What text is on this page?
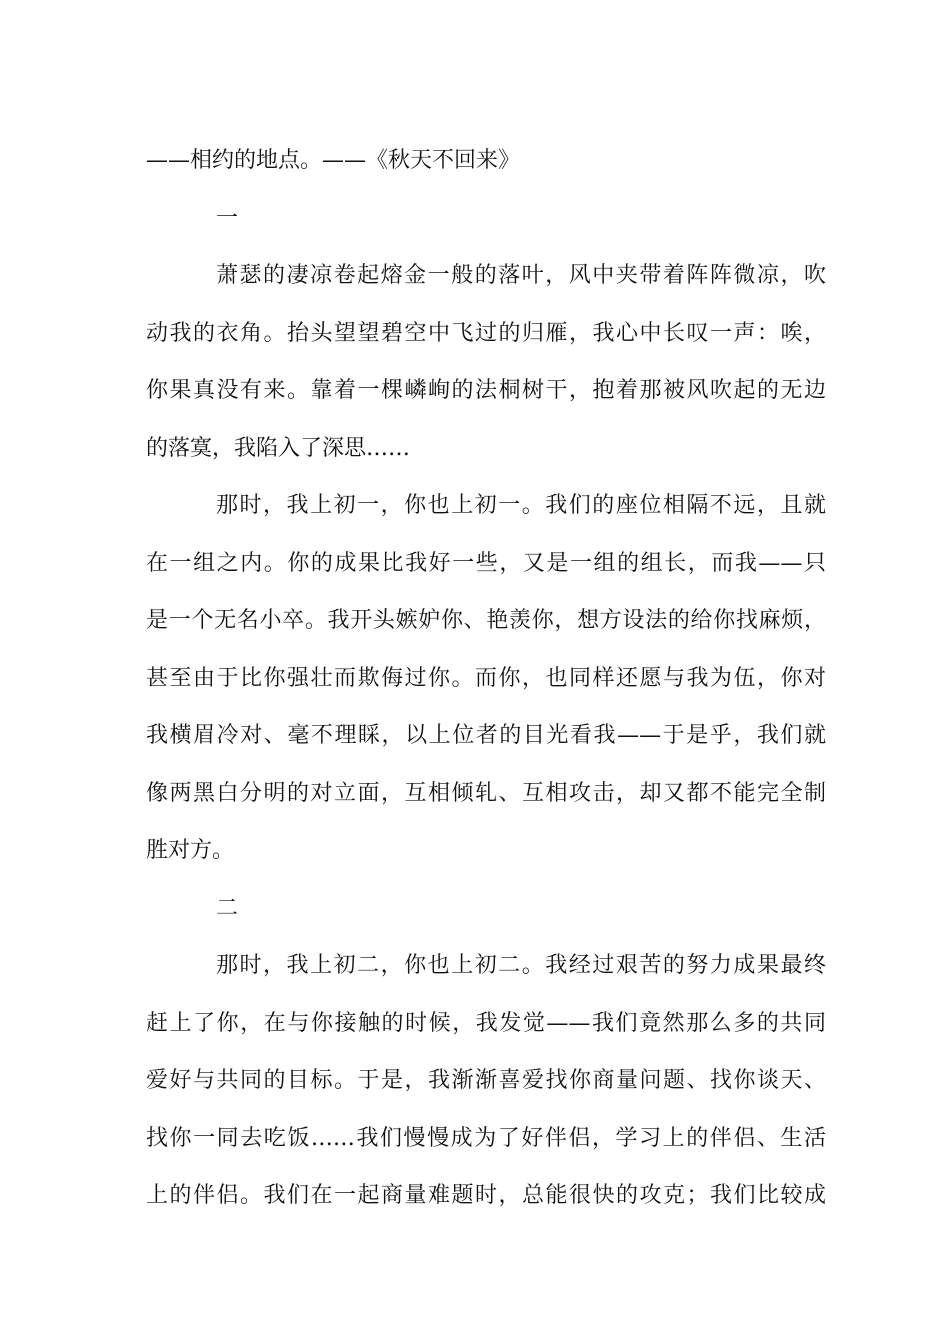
——相约的地点。——《秋天不回来》

一

萧瑟的凄凉卷起熔金一般的落叶，风中夹带着阵阵微凉，吹

动我的衣角。抬头望望碧空中飞过的归雁，我心中长叹一声：唉，

你果真没有来。靠着一棵嶙峋的法桐树干，抱着那被风吹起的无边

的落寞，我陷入了深思……

那时，我上初一，你也上初一。我们的座位相隔不远，且就

在一组之内。你的成果比我好一些，又是一组的组长，而我——只

是一个无名小卒。我开头嫉妒你、艳羡你，想方设法的给你找麻烦，

甚至由于比你强壮而欺侮过你。而你，也同样还愿与我为伍，你对

我横眉冷对、毫不理睬，以上位者的目光看我——于是乎，我们就

像两黑白分明的对立面，互相倾轧、互相攻击，却又都不能完全制

胜对方。

二

那时，我上初二，你也上初二。我经过艰苦的努力成果最终

赶上了你，在与你接触的时候，我发觉——我们竟然那么多的共同

爱好与共同的目标。于是，我渐渐喜爱找你商量问题、找你谈天、

找你一同去吃饭……我们慢慢成为了好伴侣，学习上的伴侣、生活

上的伴侣。我们在一起商量难题时，总能很快的攻克；我们比较成
